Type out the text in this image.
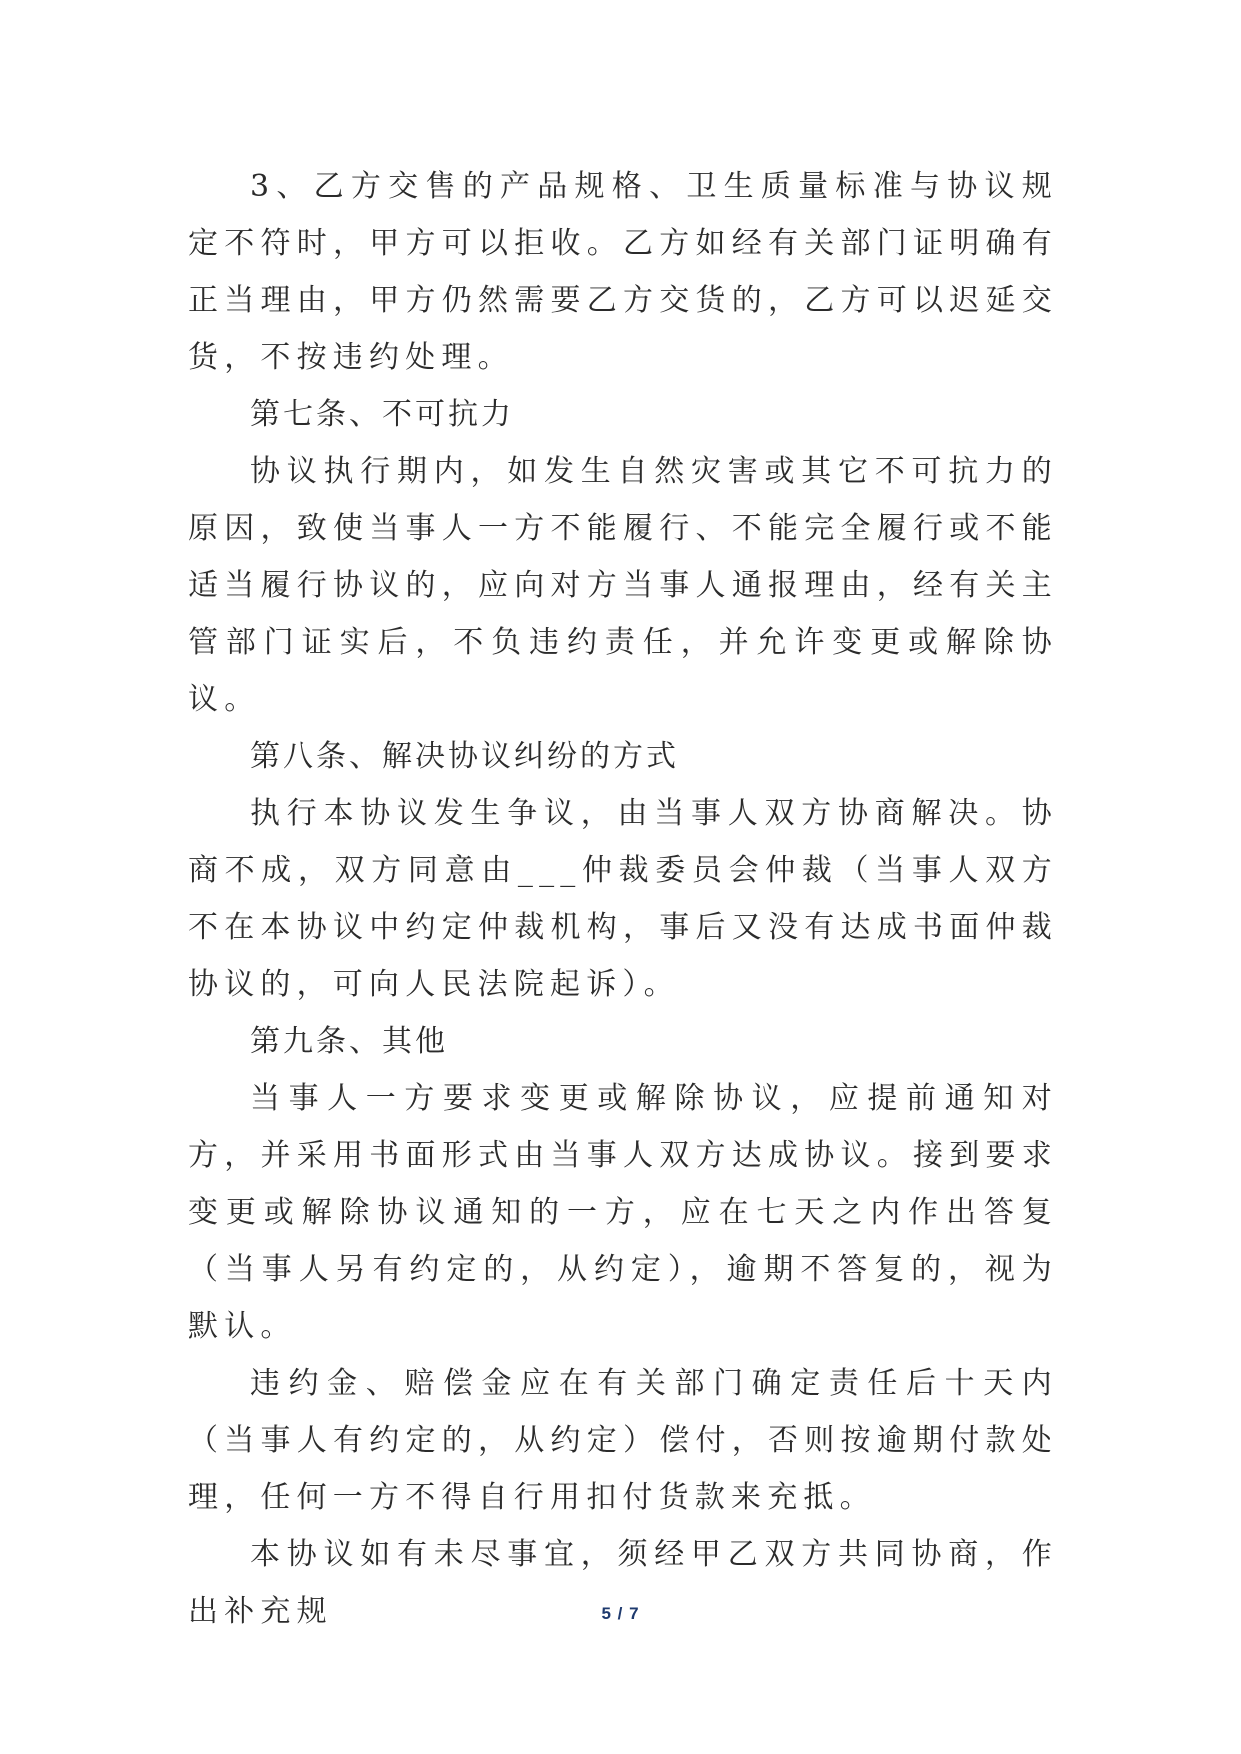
3、乙方交售的产品规格、卫生质量标准与协议规定不符时，甲方可以拒收。乙方如经有关部门证明确有正当理由，甲方仍然需要乙方交货的，乙方可以迟延交货，不按违约处理。

第七条、不可抗力

协议执行期内，如发生自然灾害或其它不可抗力的原因，致使当事人一方不能履行、不能完全履行或不能适当履行协议的，应向对方当事人通报理由，经有关主管部门证实后，不负违约责任，并允许变更或解除协议。

第八条、解决协议纠纷的方式

执行本协议发生争议，由当事人双方协商解决。协商不成，双方同意由___仲裁委员会仲裁（当事人双方不在本协议中约定仲裁机构，事后又没有达成书面仲裁协议的，可向人民法院起诉）。

第九条、其他

当事人一方要求变更或解除协议，应提前通知对方，并采用书面形式由当事人双方达成协议。接到要求变更或解除协议通知的一方，应在七天之内作出答复（当事人另有约定的，从约定），逾期不答复的，视为默认。

违约金、赔偿金应在有关部门确定责任后十天内（当事人有约定的，从约定）偿付，否则按逾期付款处理，任何一方不得自行用扣付货款来充抵。

本协议如有未尽事宜，须经甲乙双方共同协商，作出补充规	5 / 7
